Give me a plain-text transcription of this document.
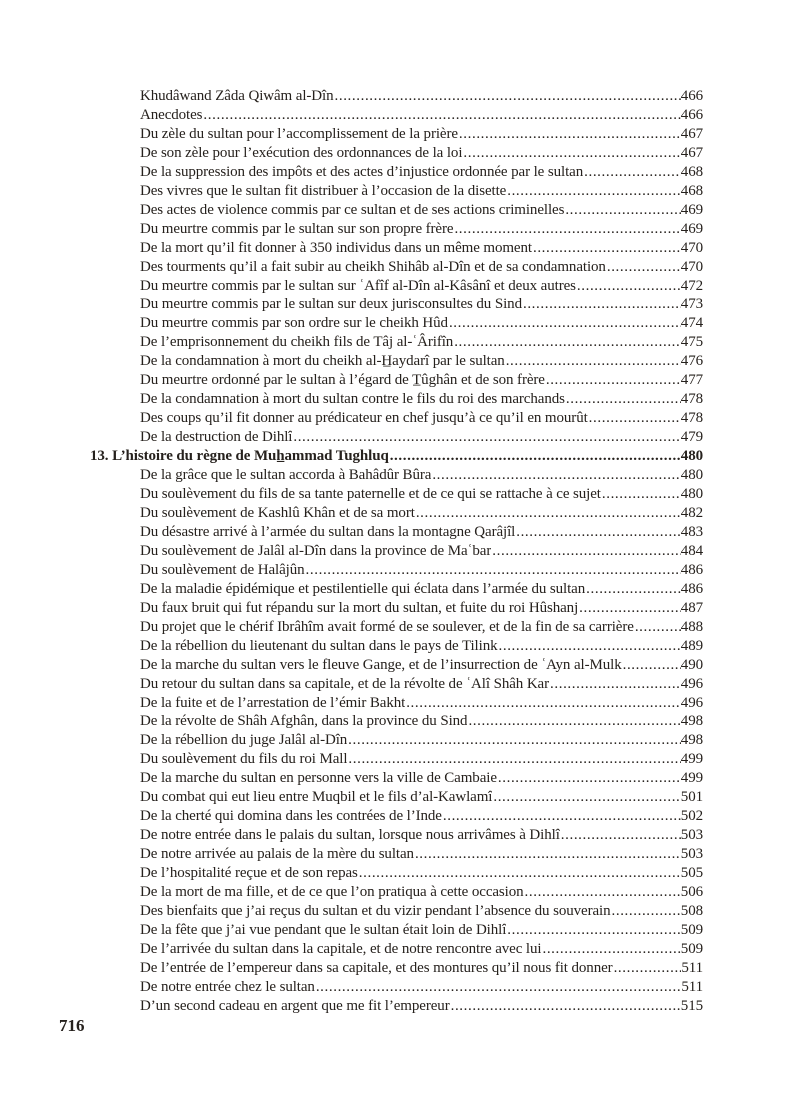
Khudâwand Zâda Qiwâm al-Dîn .....	466
Anecdotes .....	466
Du zèle du sultan pour l’accomplissement de la prière .....	467
De son zèle pour l’exécution des ordonnances de la loi .....	467
De la suppression des impôts et des actes d’injustice ordonnée par le sultan .....	468
Des vivres que le sultan fit distribuer à l’occasion de la disette .....	468
Des actes de violence commis par ce sultan et de ses actions criminelles .....	469
Du meurtre commis par le sultan sur son propre frère .....	469
De la mort qu’il fit donner à 350 individus dans un même moment .....	470
Des tourments qu’il a fait subir au cheikh Shihâb al-Dîn et de sa condamnation .....	470
Du meurtre commis par le sultan sur ʿAfîf al-Dîn al-Kâsânî et deux autres .....	472
Du meurtre commis par le sultan sur deux jurisconsultes du Sind .....	473
Du meurtre commis par son ordre sur le cheikh Hûd .....	474
De l’emprisonnement du cheikh fils de Tâj al-ʿÂrifîn .....	475
De la condamnation à mort du cheikh al-H̲aydarî par le sultan .....	476
Du meurtre ordonné par le sultan à l’égard de T̲ûghân et de son frère .....	477
De la condamnation à mort du sultan contre le fils du roi des marchands .....	478
Des coups qu’il fit donner au prédicateur en chef jusqu’à ce qu’il en mourût .....	478
De la destruction de Dihlî .....	479
13. L’histoire du règne de Muh̲ammad Tughluq .....	480
De la grâce que le sultan accorda à Bahâdûr Bûra .....	480
Du soulèvement du fils de sa tante paternelle et de ce qui se rattache à ce sujet .....	480
Du soulèvement de Kashlû Khân et de sa mort .....	482
Du désastre arrivé à l’armée du sultan dans la montagne Qarâjîl .....	483
Du soulèvement de Jalâl al-Dîn dans la province de Maʿbar .....	484
Du soulèvement de Halâjûn .....	486
De la maladie épidémique et pestilentielle qui éclata dans l’armée du sultan .....	486
Du faux bruit qui fut répandu sur la mort du sultan, et fuite du roi Hûshanj .....	487
Du projet que le chérif Ibrâhîm avait formé de se soulever, et de la fin de sa carrière .....	488
De la rébellion du lieutenant du sultan dans le pays de Tilink .....	489
De la marche du sultan vers le fleuve Gange, et de l’insurrection de ʿAyn al-Mulk .....	490
Du retour du sultan dans sa capitale, et de la révolte de ʿAlî Shâh Kar .....	496
De la fuite et de l’arrestation de l’émir Bakht .....	496
De la révolte de Shâh Afghân, dans la province du Sind .....	498
De la rébellion du juge Jalâl al-Dîn .....	498
Du soulèvement du fils du roi Mall .....	499
De la marche du sultan en personne vers la ville de Cambaie .....	499
Du combat qui eut lieu entre Muqbil et le fils d’al-Kawlamî .....	501
De la cherté qui domina dans les contrées de l’Inde .....	502
De notre entrée dans le palais du sultan, lorsque nous arrivâmes à Dihlî .....	503
De notre arrivée au palais de la mère du sultan .....	503
De l’hospitalité reçue et de son repas .....	505
De la mort de ma fille, et de ce que l’on pratiqua à cette occasion .....	506
Des bienfaits que j’ai reçus du sultan et du vizir pendant l’absence du souverain .....	508
De la fête que j’ai vue pendant que le sultan était loin de Dihlî .....	509
De l’arrivée du sultan dans la capitale, et de notre rencontre avec lui .....	509
De l’entrée de l’empereur dans sa capitale, et des montures qu’il nous fit donner .....	511
De notre entrée chez le sultan .....	511
D’un second cadeau en argent que me fit l’empereur .....	515
716
